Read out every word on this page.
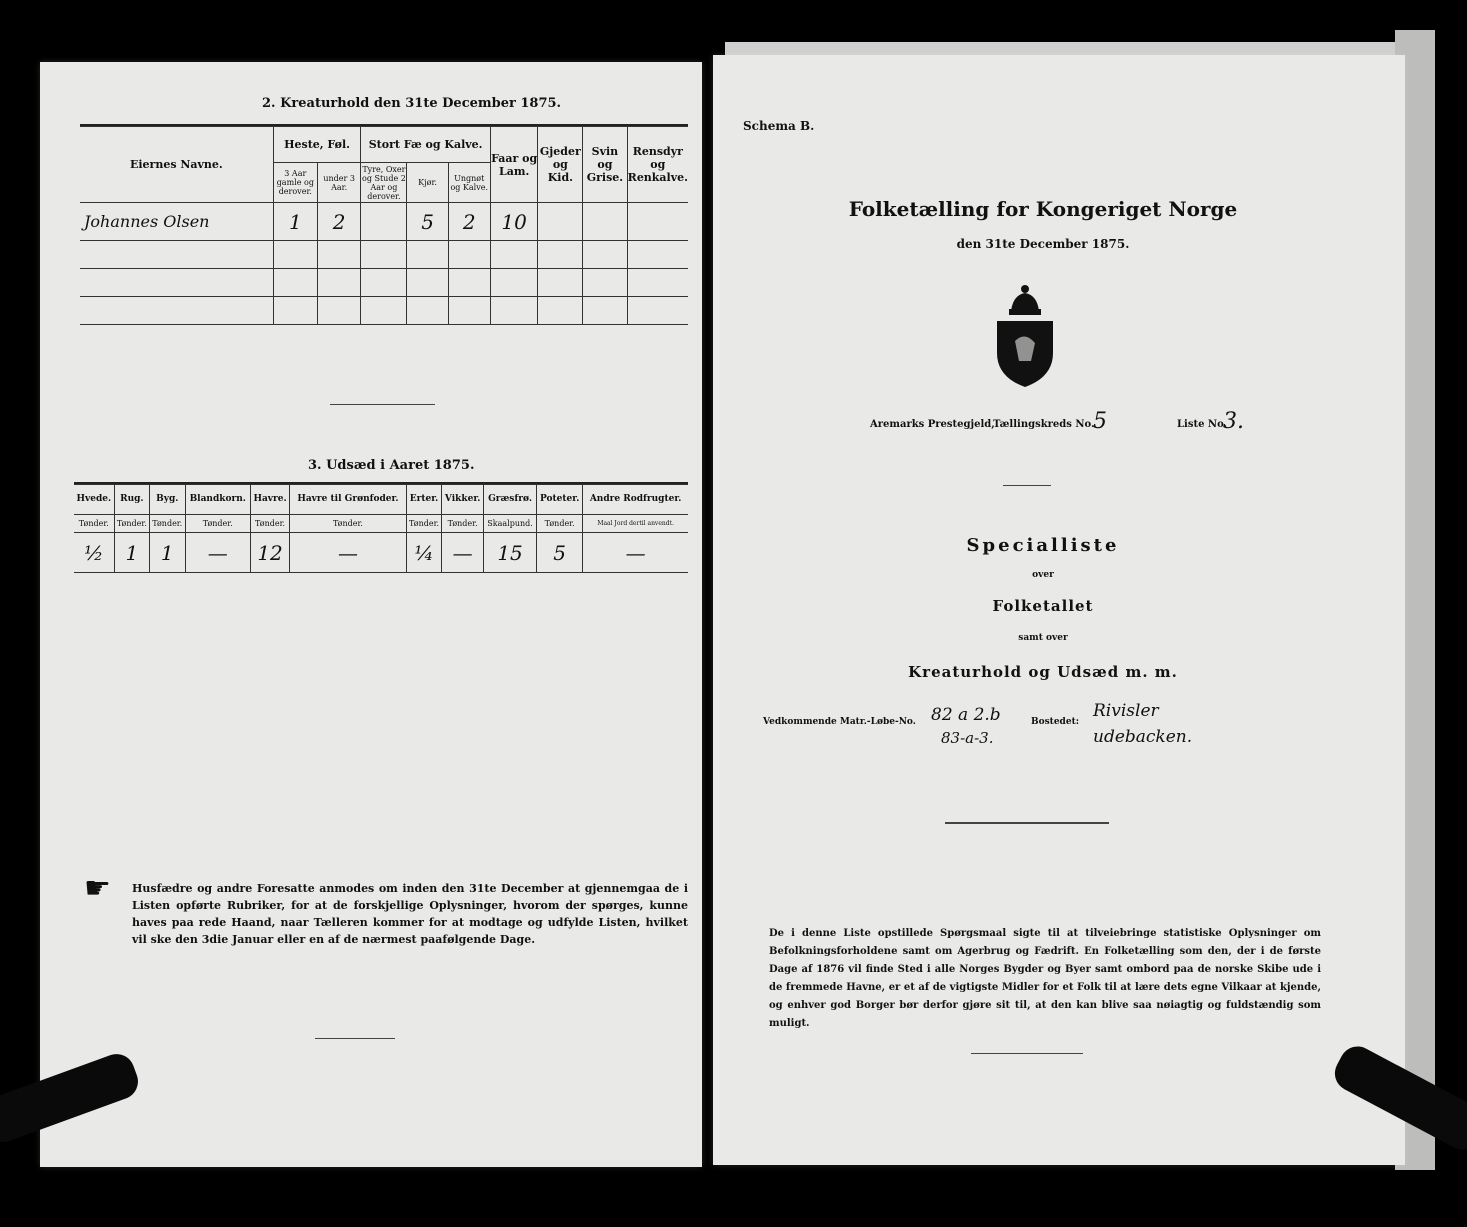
2. Kreaturhold den 31te December 1875.
Eiernes Navne.	Heste, Føl.		Stort Fæ og Kalve.			Faar og Lam.	Gjeder og Kid.	Svin og Grise.	Rensdyr og Renkalve.
	3 Aar gamle og derover.	under 3 Aar.	Tyre, Oxer og Stude 2 Aar og derover.	Kjør.	Ungnøt og Kalve.				
Johannes Olsen	1	2		5	2	10			

3. Udsæd i Aaret 1875.
Hvede.	Rug.	Byg.	Blandkorn.	Havre.	Havre til Grønfoder.	Erter.	Vikker.	Græsfrø.	Poteter.	Andre Rodfrugter.
Tønder.	Tønder.	Tønder.	Tønder.	Tønder.	Tønder.	Tønder.	Tønder.	Skaalpund.	Tønder.	Maal Jord dertil anvendt.
½	1	1	—	12	—	¼	—	15	5	—
☛ Husfædre og andre Foresatte anmodes om inden den 31te December at gjennemgaa de i Listen opførte Rubriker, for at de forskjellige Oplysninger, hvorom der spørges, kunne haves paa rede Haand, naar Tælleren kommer for at modtage og udfylde Listen, hvilket vil ske den 3die Januar eller en af de nærmest paafølgende Dage.
Schema B.
Folketælling for Kongeriget Norge
den 31te December 1875.
Aremarks Prestegjeld,
Tællingskreds No.
5	Liste No.
3.
Specialliste
over
Folketallet
samt over
Kreaturhold og Udsæd m. m.
Vedkommende Matr.-Løbe-No. 82 a 2.b
83-a-3.
Bostedet:
Rivisler
udebacken.
De i denne Liste opstillede Spørgsmaal sigte til at tilveiebringe statistiske Oplysninger om Befolkningsforholdene samt om Agerbrug og Fædrift. En Folketælling som den, der i de første Dage af 1876 vil finde Sted i alle Norges Bygder og Byer samt ombord paa de norske Skibe ude i de fremmede Havne, er et af de vigtigste Midler for et Folk til at lære dets egne Vilkaar at kjende, og enhver god Borger bør derfor gjøre sit til, at den kan blive saa nøiagtig og fuldstændig som muligt.
